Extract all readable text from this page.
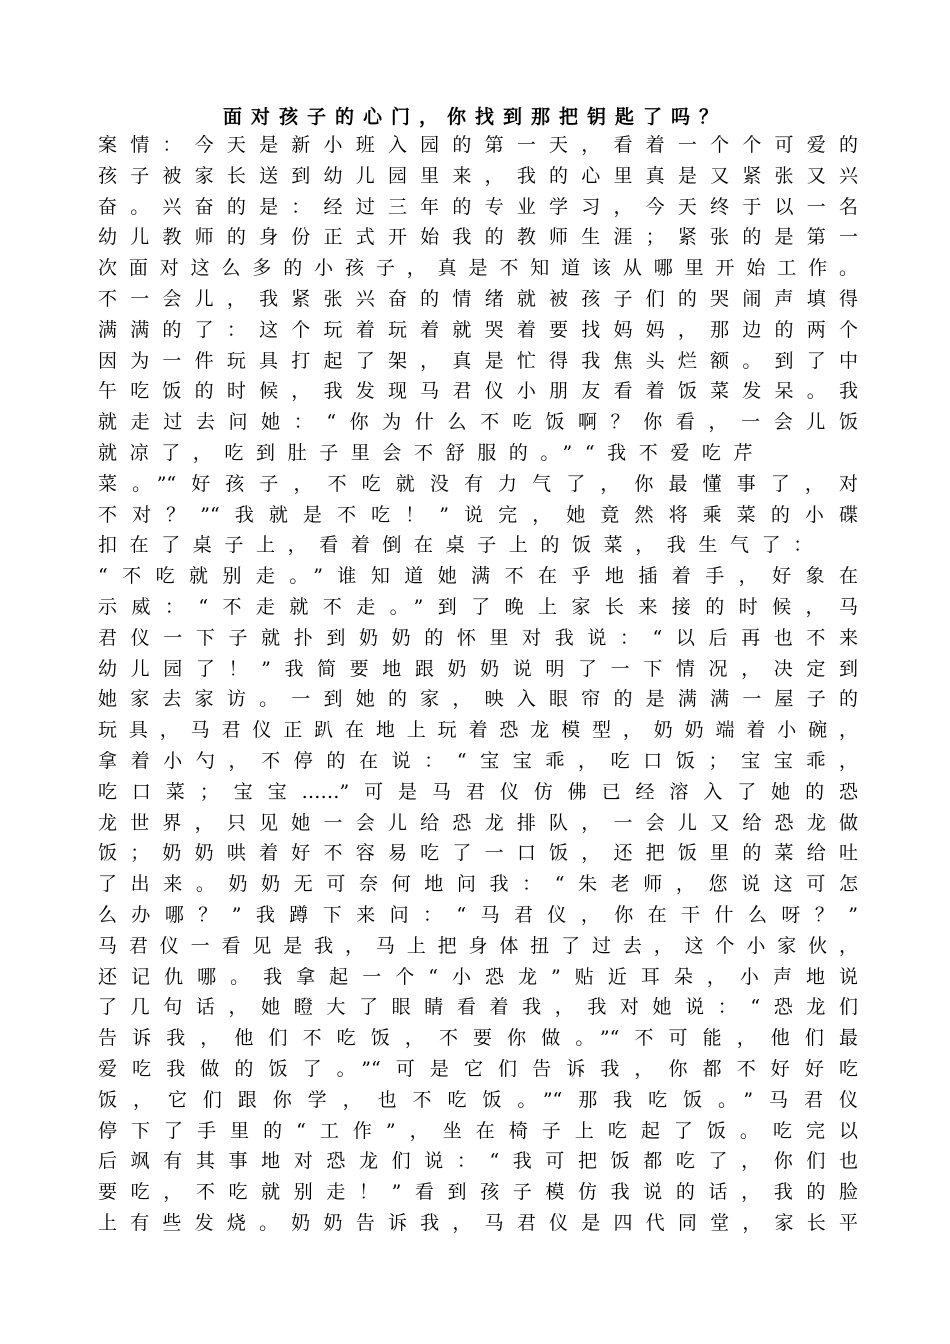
面对孩子的心门，你找到那把钥匙了吗？
案情：今天是新小班入园的第一天，看着一个个可爱的
孩子被家长送到幼儿园里来，我的心里真是又紧张又兴
奋。兴奋的是：经过三年的专业学习，今天终于以一名
幼儿教师的身份正式开始我的教师生涯；紧张的是第一
次面对这么多的小孩子，真是不知道该从哪里开始工作。
不一会儿，我紧张兴奋的情绪就被孩子们的哭闹声填得
满满的了：这个玩着玩着就哭着要找妈妈，那边的两个
因为一件玩具打起了架，真是忙得我焦头烂额。到了中
午吃饭的时候，我发现马君仪小朋友看着饭菜发呆。我
就走过去问她：“你为什么不吃饭啊？你看，一会儿饭
就凉了，吃到肚子里会不舒服的。”“我不爱吃芹
菜。”“好孩子，不吃就没有力气了，你最懂事了，对
不对？”“我就是不吃！”说完，她竟然将乘菜的小碟
扣在了桌子上，看着倒在桌子上的饭菜，我生气了：
“不吃就别走。”谁知道她满不在乎地插着手，好象在
示威：“不走就不走。”到了晚上家长来接的时候，马
君仪一下子就扑到奶奶的怀里对我说：“以后再也不来
幼儿园了！”我简要地跟奶奶说明了一下情况，决定到
她家去家访。一到她的家，映入眼帘的是满满一屋子的
玩具，马君仪正趴在地上玩着恐龙模型，奶奶端着小碗，
拿着小勺，不停的在说：“宝宝乖，吃口饭；宝宝乖，
吃口菜；宝宝……”可是马君仪仿佛已经溶入了她的恐
龙世界，只见她一会儿给恐龙排队，一会儿又给恐龙做
饭；奶奶哄着好不容易吃了一口饭，还把饭里的菜给吐
了出来。奶奶无可奈何地问我：“朱老师，您说这可怎
么办哪？”我蹲下来问：“马君仪，你在干什么呀？”
马君仪一看见是我，马上把身体扭了过去，这个小家伙，
还记仇哪。我拿起一个“小恐龙”贴近耳朵，小声地说
了几句话，她瞪大了眼睛看着我，我对她说：“恐龙们
告诉我，他们不吃饭，不要你做。”“不可能，他们最
爱吃我做的饭了。”“可是它们告诉我，你都不好好吃
饭，它们跟你学，也不吃饭。”“那我吃饭。”马君仪
停下了手里的“工作”，坐在椅子上吃起了饭。吃完以
后飒有其事地对恐龙们说：“我可把饭都吃了，你们也
要吃，不吃就别走！”看到孩子模仿我说的话，我的脸
上有些发烧。奶奶告诉我，马君仪是四代同堂，家长平
